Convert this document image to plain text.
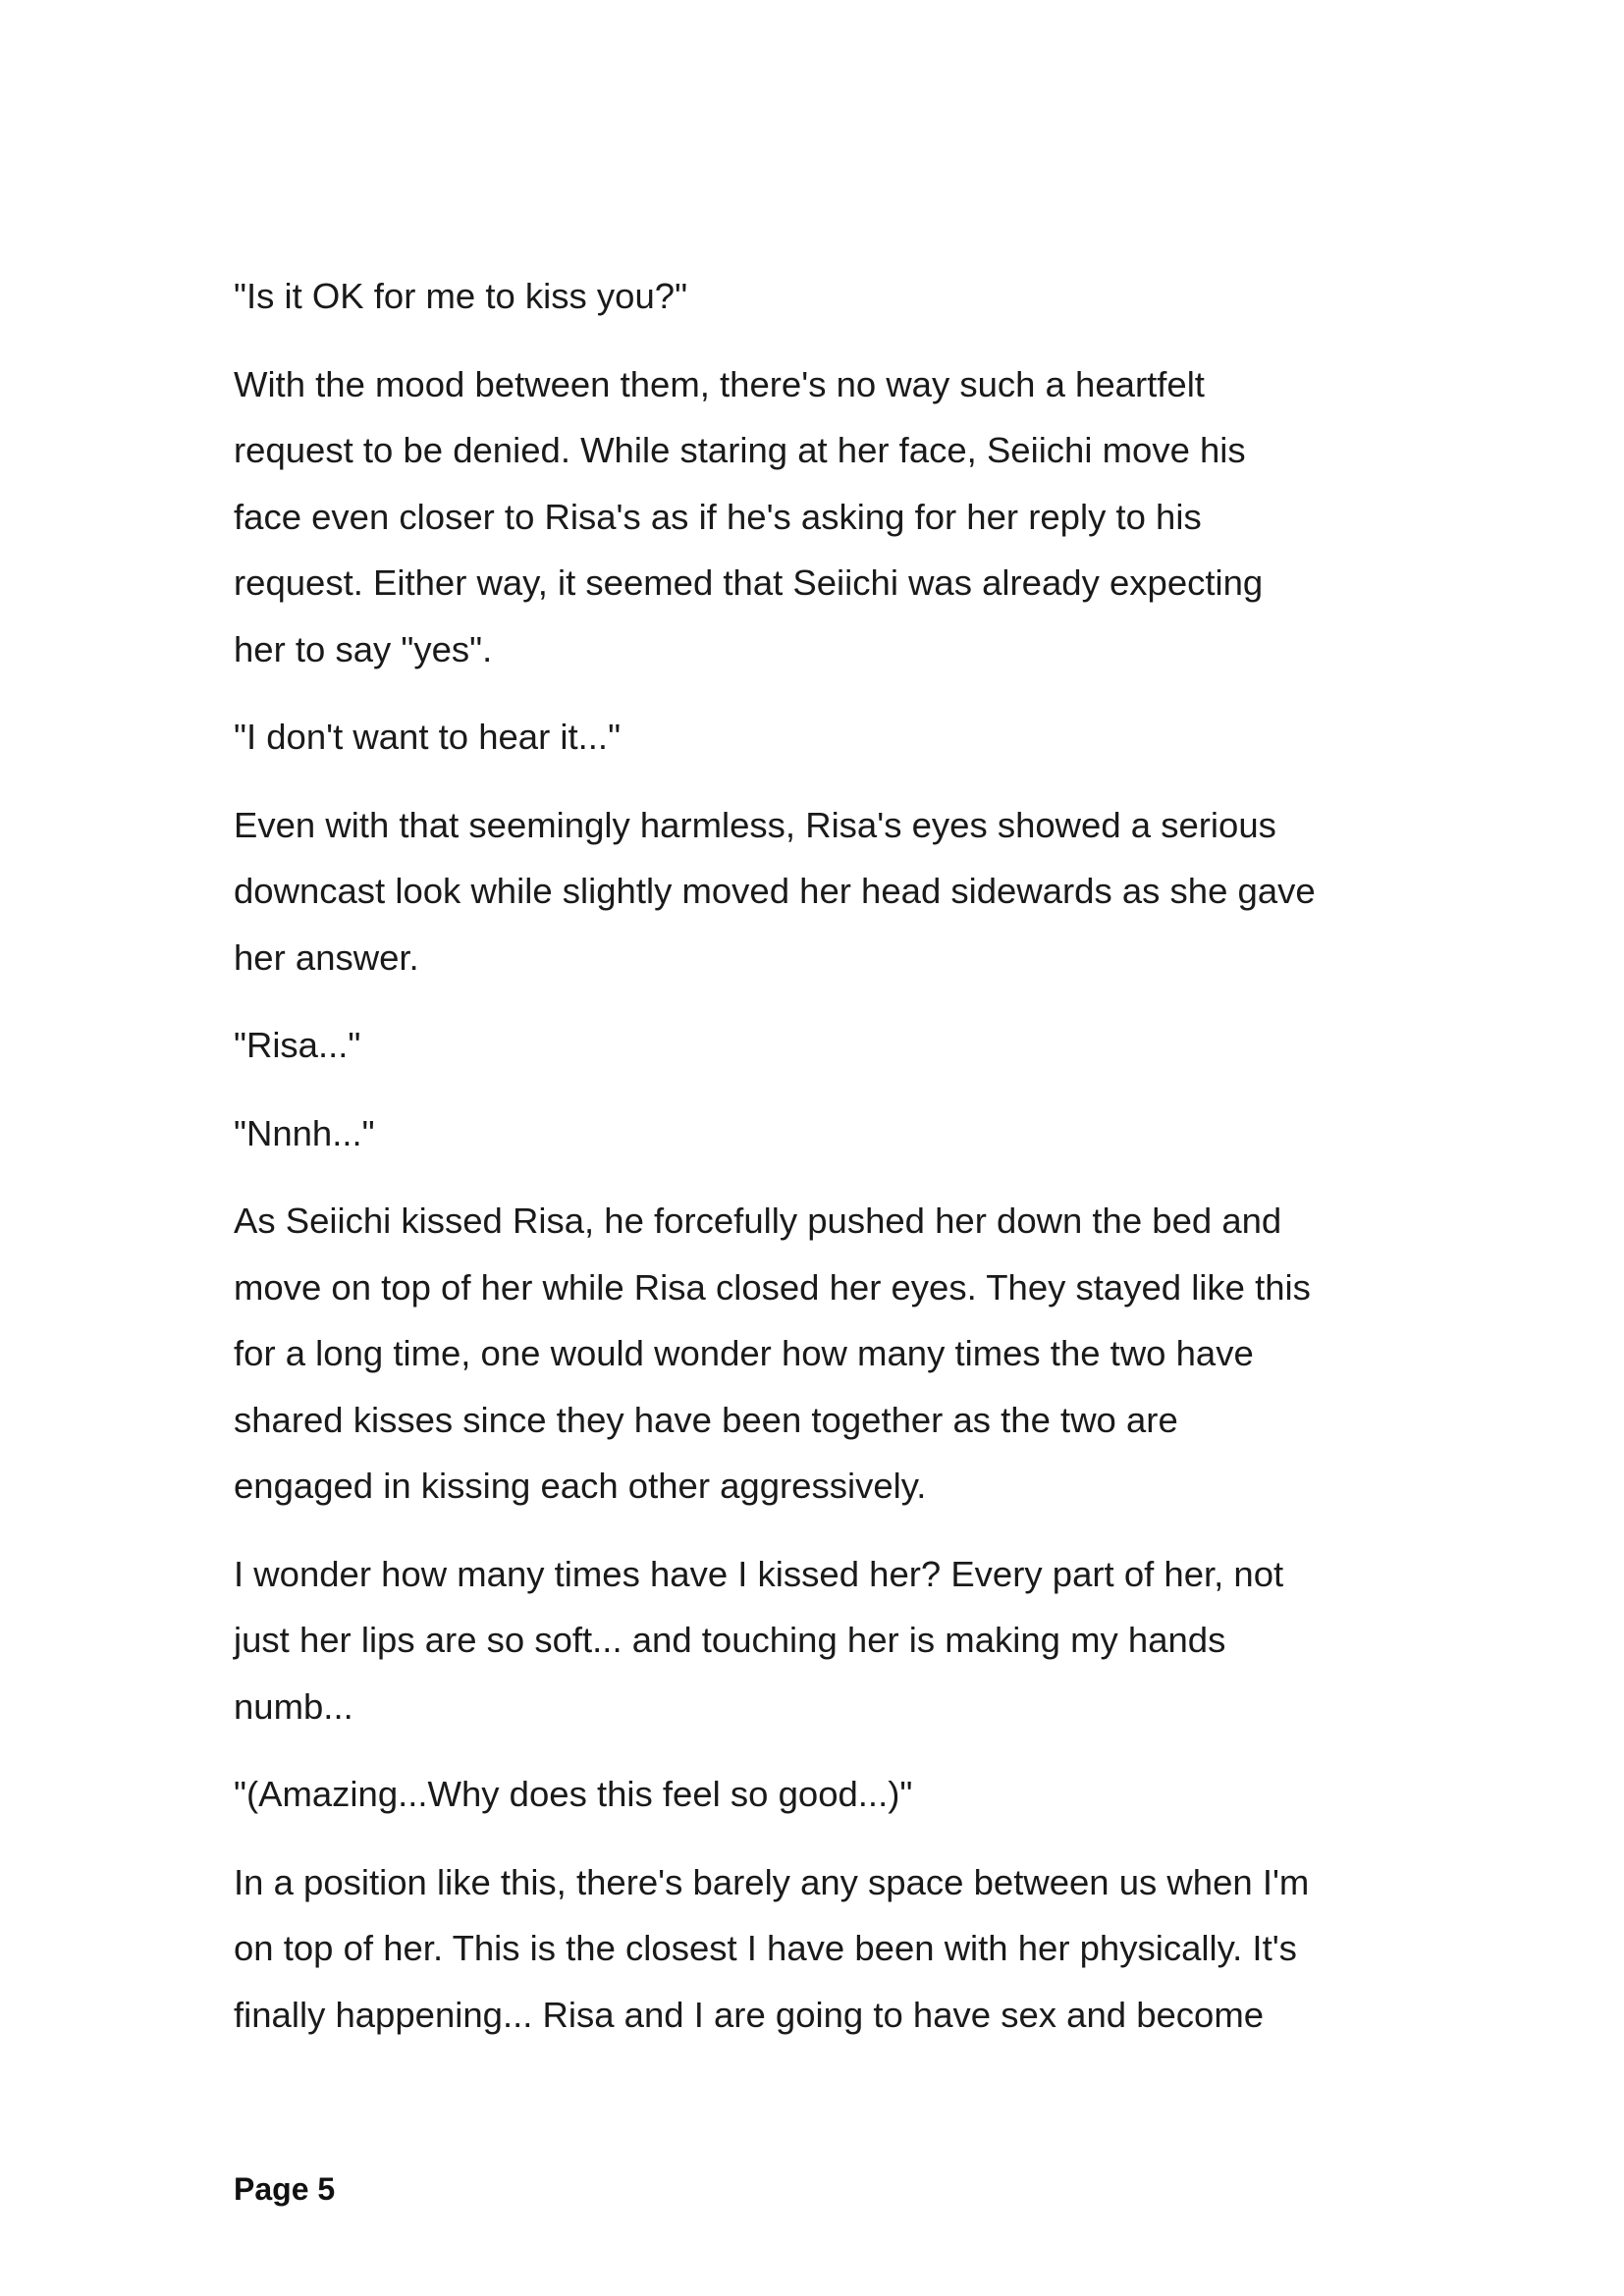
"Is it OK for me to kiss you?"

With the mood between them, there's no way such a heartfelt
request to be denied. While staring at her face, Seiichi move his
face even closer to Risa's as if he's asking for her reply to his
request. Either way, it seemed that Seiichi was already expecting
her to say "yes".

"I don't want to hear it..."

Even with that seemingly harmless, Risa's eyes showed a serious
downcast look while slightly moved her head sidewards as she gave
her answer.

"Risa..."

"Nnnh..."

As Seiichi kissed Risa, he forcefully pushed her down the bed and
move on top of her while Risa closed her eyes. They stayed like this
for a long time, one would wonder how many times the two have
shared kisses since they have been together as the two are
engaged in kissing each other aggressively.

I wonder how many times have I kissed her? Every part of her, not
just her lips are so soft... and touching her is making my hands
numb...

"(Amazing...Why does this feel so good...)"

In a position like this, there's barely any space between us when I'm
on top of her. This is the closest I have been with her physically. It's
finally happening... Risa and I are going to have sex and become

Page 5
